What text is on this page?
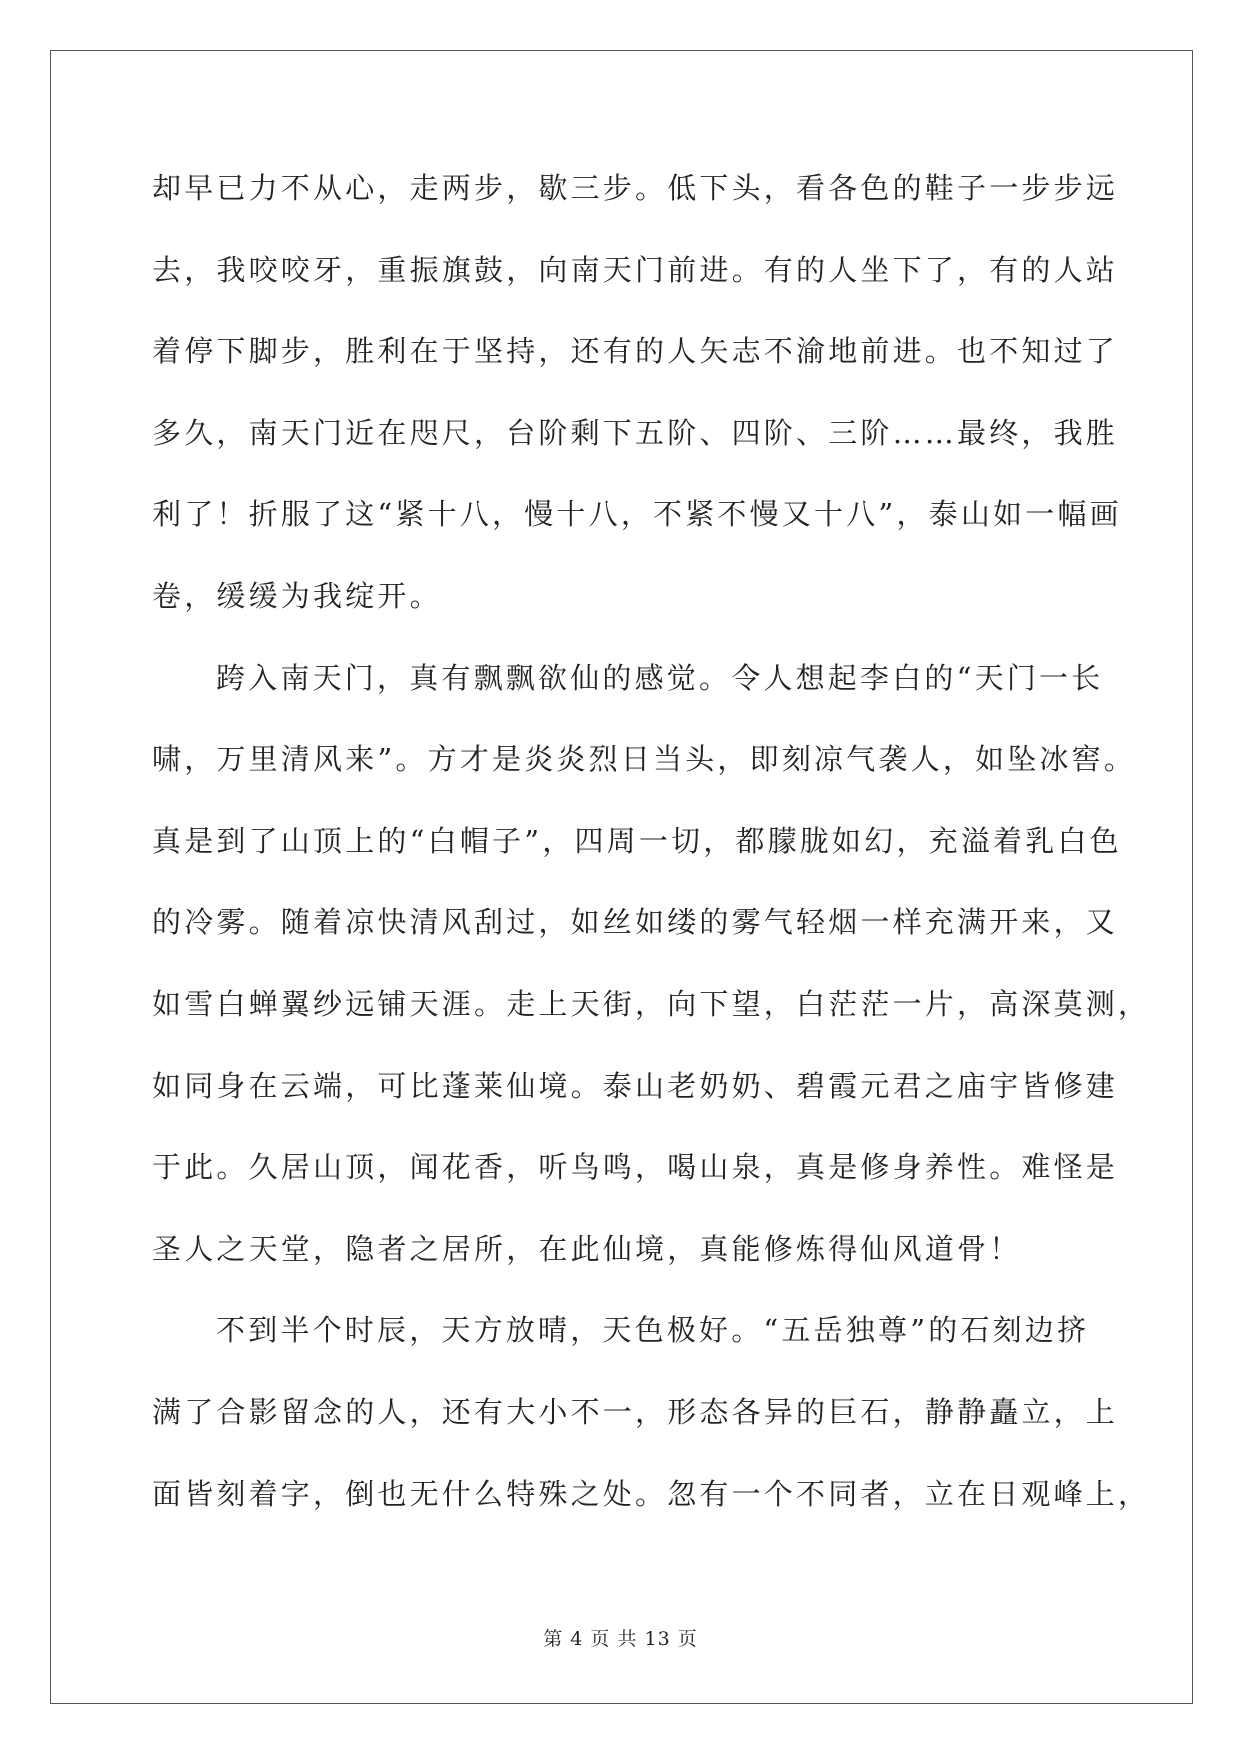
却早已力不从心，走两步，歇三步。低下头，看各色的鞋子一步步远
去，我咬咬牙，重振旗鼓，向南天门前进。有的人坐下了，有的人站
着停下脚步，胜利在于坚持，还有的人矢志不渝地前进。也不知过了
多久，南天门近在咫尺，台阶剩下五阶、四阶、三阶……最终，我胜
利了！折服了这“紧十八，慢十八，不紧不慢又十八”，泰山如一幅画
卷，缓缓为我绽开。
跨入南天门，真有飘飘欲仙的感觉。令人想起李白的“天门一长
啸，万里清风来”。方才是炎炎烈日当头，即刻凉气袭人，如坠冰窖。
真是到了山顶上的“白帽子”，四周一切，都朦胧如幻，充溢着乳白色
的冷雾。随着凉快清风刮过，如丝如缕的雾气轻烟一样充满开来，又
如雪白蝉翼纱远铺天涯。走上天街，向下望，白茫茫一片，高深莫测，
如同身在云端，可比蓬莱仙境。泰山老奶奶、碧霞元君之庙宇皆修建
于此。久居山顶，闻花香，听鸟鸣，喝山泉，真是修身养性。难怪是
圣人之天堂，隐者之居所，在此仙境，真能修炼得仙风道骨！
不到半个时辰，天方放晴，天色极好。“五岳独尊”的石刻边挤
满了合影留念的人，还有大小不一，形态各异的巨石，静静矗立，上
面皆刻着字，倒也无什么特殊之处。忽有一个不同者，立在日观峰上，
第 4 页 共 13 页
